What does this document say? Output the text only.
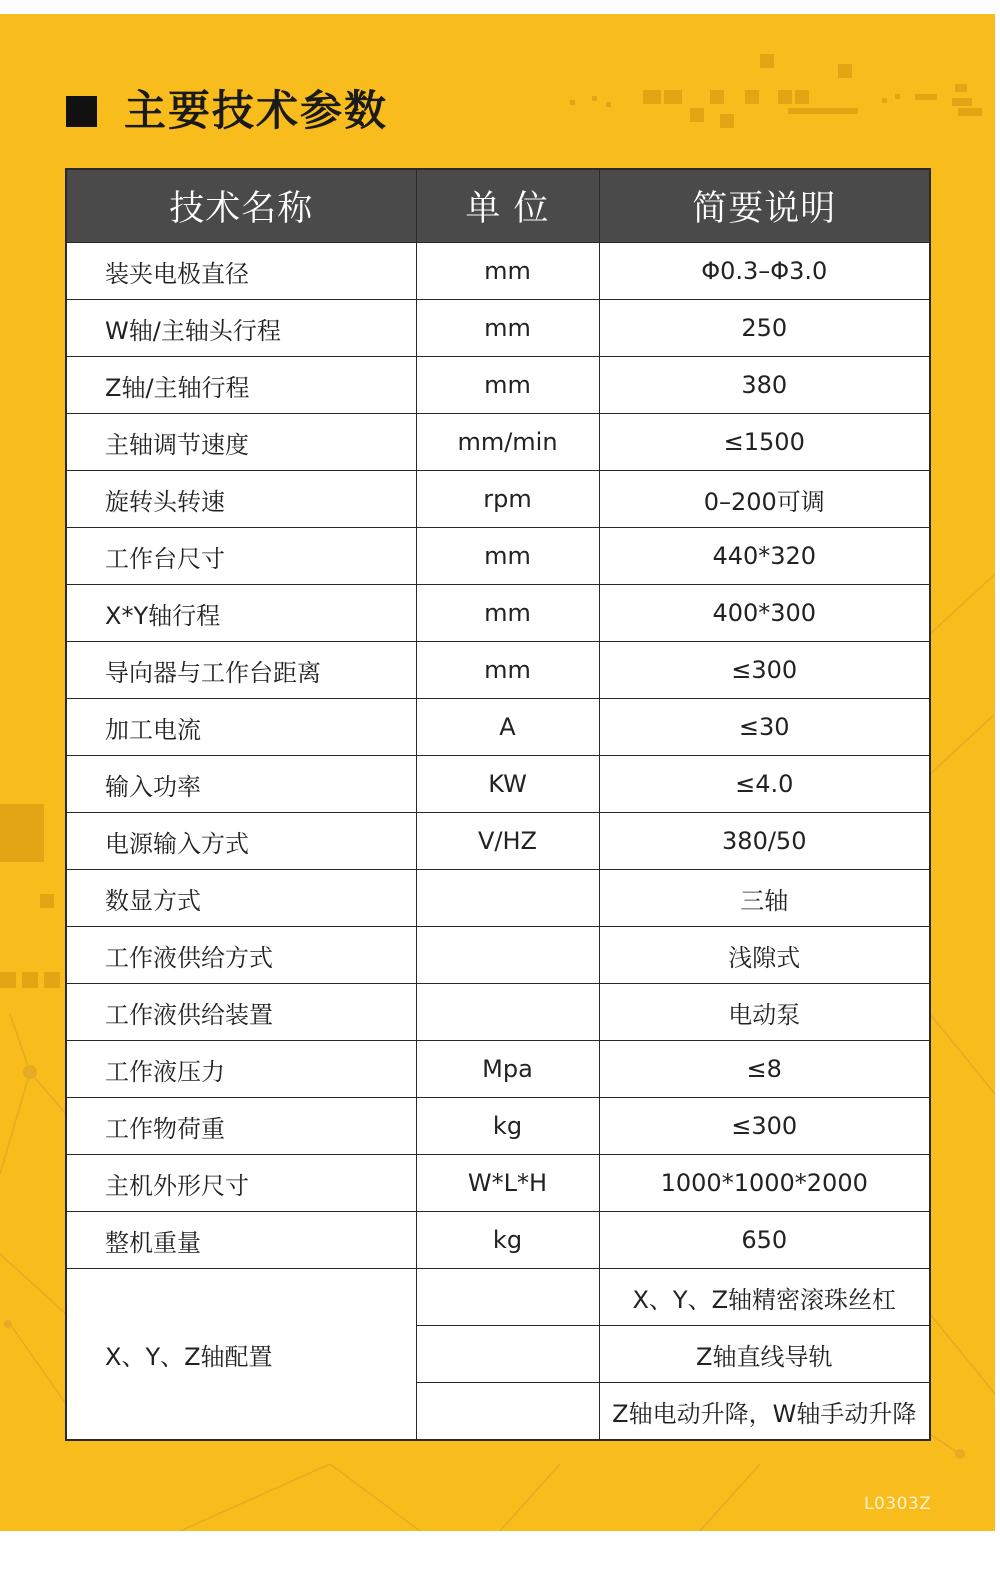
主要技术参数
技术名称	单 位	简要说明
装夹电极直径	mm	Φ0.3–Φ3.0
W轴/主轴头行程	mm	250
Z轴/主轴行程	mm	380
主轴调节速度	mm/min	≤1500
旋转头转速	rpm	0–200可调
工作台尺寸	mm	440*320
X*Y轴行程	mm	400*300
导向器与工作台距离	mm	≤300
加工电流	A	≤30
输入功率	KW	≤4.0
电源输入方式	V/HZ	380/50
数显方式		三轴
工作液供给方式		浅隙式
工作液供给装置		电动泵
工作液压力	Mpa	≤8
工作物荷重	kg	≤300
主机外形尺寸	W*L*H	1000*1000*2000
整机重量	kg	650
X、Y、Z轴配置		X、Y、Z轴精密滚珠丝杠
		Z轴直线导轨
		Z轴电动升降，W轴手动升降
L0303Z
